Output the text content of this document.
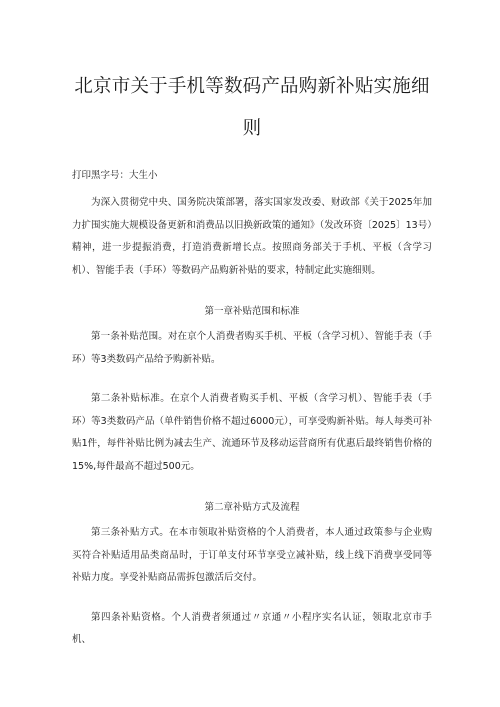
北京市关于手机等数码产品购新补贴实施细则
打印黑字号：大生小

为深入贯彻党中央、国务院决策部署，落实国家发改委、财政部《关于2025年加力扩围实施大规模设备更新和消费品以旧换新政策的通知》（发改环资〔2025〕13号）精神，进一步提振消费，打造消费新增长点。按照商务部关于手机、平板（含学习机）、智能手表（手环）等数码产品购新补贴的要求，特制定此实施细则。

第一章补贴范围和标准

第一条补贴范围。对在京个人消费者购买手机、平板（含学习机）、智能手表（手环）等3类数码产品给予购新补贴。

第二条补贴标准。在京个人消费者购买手机、平板（含学习机）、智能手表（手环）等3类数码产品（单件销售价格不超过6000元），可享受购新补贴。每人每类可补贴1件，每件补贴比例为减去生产、流通环节及移动运营商所有优惠后最终销售价格的15%,每件最高不超过500元。

第二章补贴方式及流程

第三条补贴方式。在本市领取补贴资格的个人消费者，本人通过政策参与企业购买符合补贴适用品类商品时，于订单支付环节享受立减补贴，线上线下消费享受同等补贴力度。享受补贴商品需拆包激活后交付。

第四条补贴资格。个人消费者须通过〃京通〃小程序实名认证，领取北京市手机、
